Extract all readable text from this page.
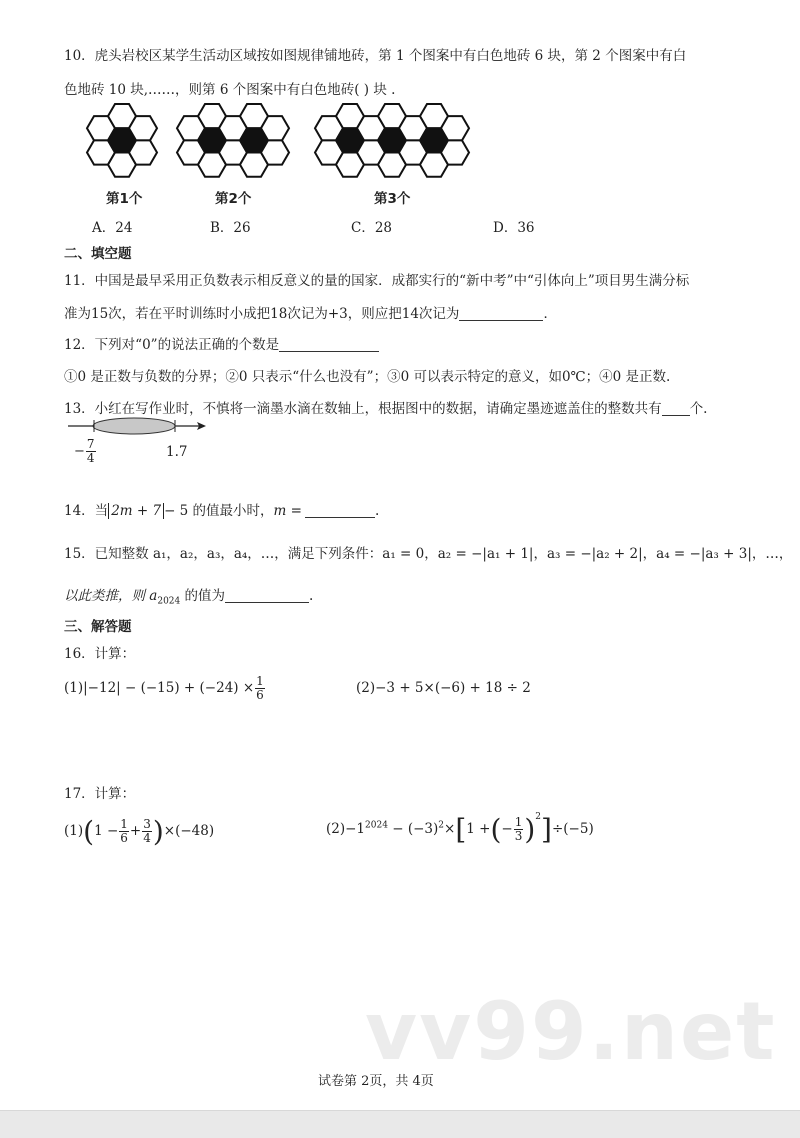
10．虎头岩校区某学生活动区域按如图规律铺地砖，第 1 个图案中有白色地砖 6 块，第 2 个图案中有白
色地砖 10 块,……，则第 6 个图案中有白色地砖( ) 块 .
第1个	第2个	第3个
A．24	B．26	C．28	D．36
二、填空题
11．中国是最早采用正负数表示相反意义的量的国家．成都实行的“新中考”中“引体向上”项目男生满分标
准为15次，若在平时训练时小成把18次记为+3，则应把14次记为	．
12．下列对“0”的说法正确的个数是
①0 是正数与负数的分界；②0 只表示“什么也没有”；③0 可以表示特定的意义，如0℃；④0 是正数.
13．小红在写作业时，不慎将一滴墨水滴在数轴上，根据图中的数据，请确定墨迹遮盖住的整数共有 个.
− $\frac{7}{4}$	1.7
14．当 2m + 7 − 5 的值最小时，m =	.
15．已知整数 a₁，a₂，a₃，a₄，…，满足下列条件：a₁ = 0，a₂ = −|a₁ + 1|，a₃ = −|a₂ + 2|，a₄ = −|a₃ + 3|，…，
以此类推，则 $a_{2024}$ 的值为	.
三、解答题
16．计算：
$(1)|-12| - (-15) + (-24) \times \frac{1}{6}$	(2)−3 + 5×(−6) + 18 ÷ 2
17．计算：
$(1)(1 - \frac{1}{6} + \frac{3}{4} )\times(-48)$	$(2)-1^{2024} - (-3)^2\times[1$ +(− $\frac{1}{3} )^2]\div(-5)$
vv99.net
试卷第 2页，共 4页
